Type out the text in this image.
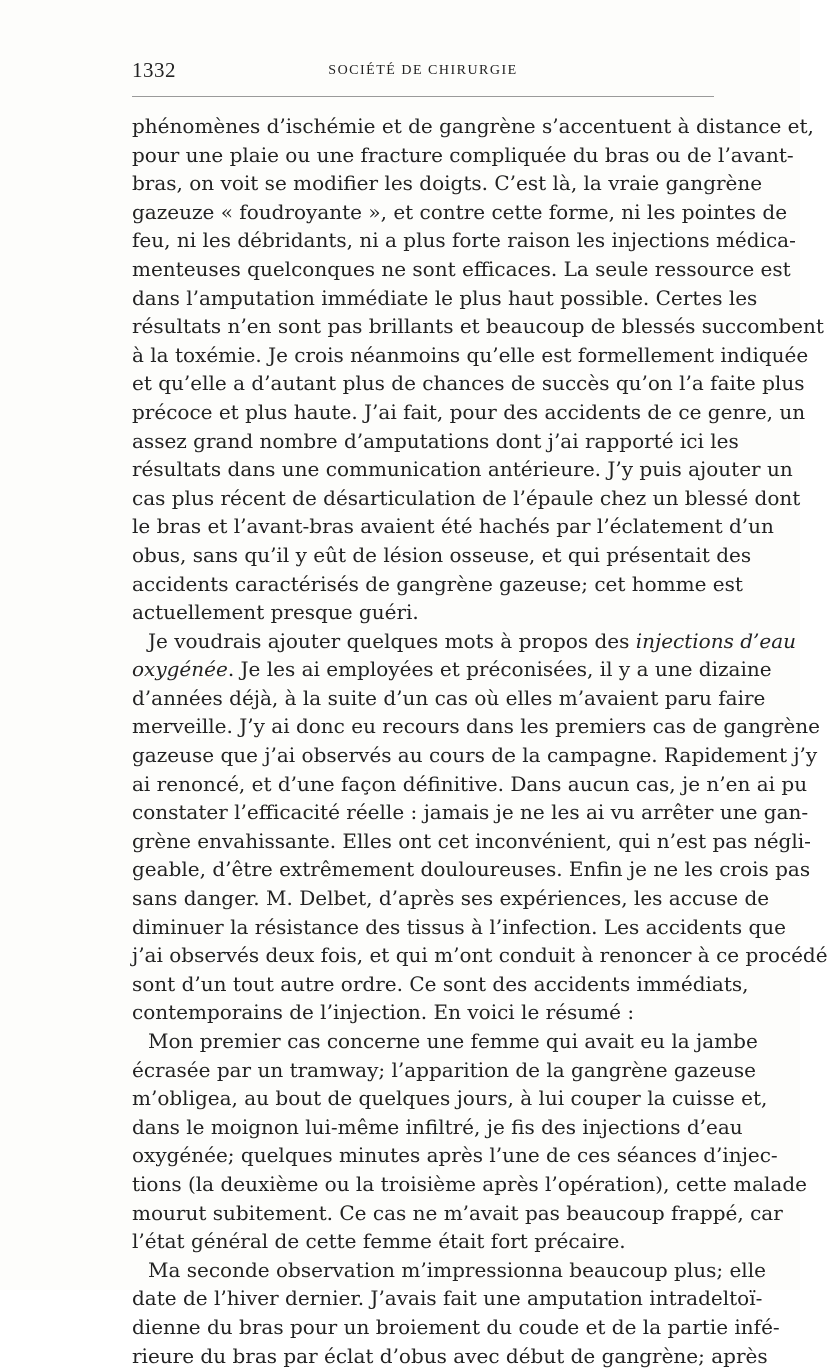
1332	SOCIÉTÉ DE CHIRURGIE
phénomènes d’ischémie et de gangrène s’accentuent à distance et,
pour une plaie ou une fracture compliquée du bras ou de l’avant-
bras, on voit se modifier les doigts. C’est là, la vraie gangrène
gazeuze « foudroyante », et contre cette forme, ni les pointes de
feu, ni les débridants, ni a plus forte raison les injections médica-
menteuses quelconques ne sont efficaces. La seule ressource est
dans l’amputation immédiate le plus haut possible. Certes les
résultats n’en sont pas brillants et beaucoup de blessés succombent
à la toxémie. Je crois néanmoins qu’elle est formellement indiquée
et qu’elle a d’autant plus de chances de succès qu’on l’a faite plus
précoce et plus haute. J’ai fait, pour des accidents de ce genre, un
assez grand nombre d’amputations dont j’ai rapporté ici les
résultats dans une communication antérieure. J’y puis ajouter un
cas plus récent de désarticulation de l’épaule chez un blessé dont
le bras et l’avant-bras avaient été hachés par l’éclatement d’un
obus, sans qu’il y eût de lésion osseuse, et qui présentait des
accidents caractérisés de gangrène gazeuse; cet homme est
actuellement presque guéri.
Je voudrais ajouter quelques mots à propos des injections d’eau
oxygénée. Je les ai employées et préconisées, il y a une dizaine
d’années déjà, à la suite d’un cas où elles m’avaient paru faire
merveille. J’y ai donc eu recours dans les premiers cas de gangrène
gazeuse que j’ai observés au cours de la campagne. Rapidement j’y
ai renoncé, et d’une façon définitive. Dans aucun cas, je n’en ai pu
constater l’efficacité réelle : jamais je ne les ai vu arrêter une gan-
grène envahissante. Elles ont cet inconvénient, qui n’est pas négli-
geable, d’être extrêmement douloureuses. Enfin je ne les crois pas
sans danger. M. Delbet, d’après ses expériences, les accuse de
diminuer la résistance des tissus à l’infection. Les accidents que
j’ai observés deux fois, et qui m’ont conduit à renoncer à ce procédé
sont d’un tout autre ordre. Ce sont des accidents immédiats,
contemporains de l’injection. En voici le résumé :
Mon premier cas concerne une femme qui avait eu la jambe
écrasée par un tramway; l’apparition de la gangrène gazeuse
m’obligea, au bout de quelques jours, à lui couper la cuisse et,
dans le moignon lui-même infiltré, je fis des injections d’eau
oxygénée; quelques minutes après l’une de ces séances d’injec-
tions (la deuxième ou la troisième après l’opération), cette malade
mourut subitement. Ce cas ne m’avait pas beaucoup frappé, car
l’état général de cette femme était fort précaire.
Ma seconde observation m’impressionna beaucoup plus; elle
date de l’hiver dernier. J’avais fait une amputation intradeltoï-
dienne du bras pour un broiement du coude et de la partie infé-
rieure du bras par éclat d’obus avec début de gangrène; après
